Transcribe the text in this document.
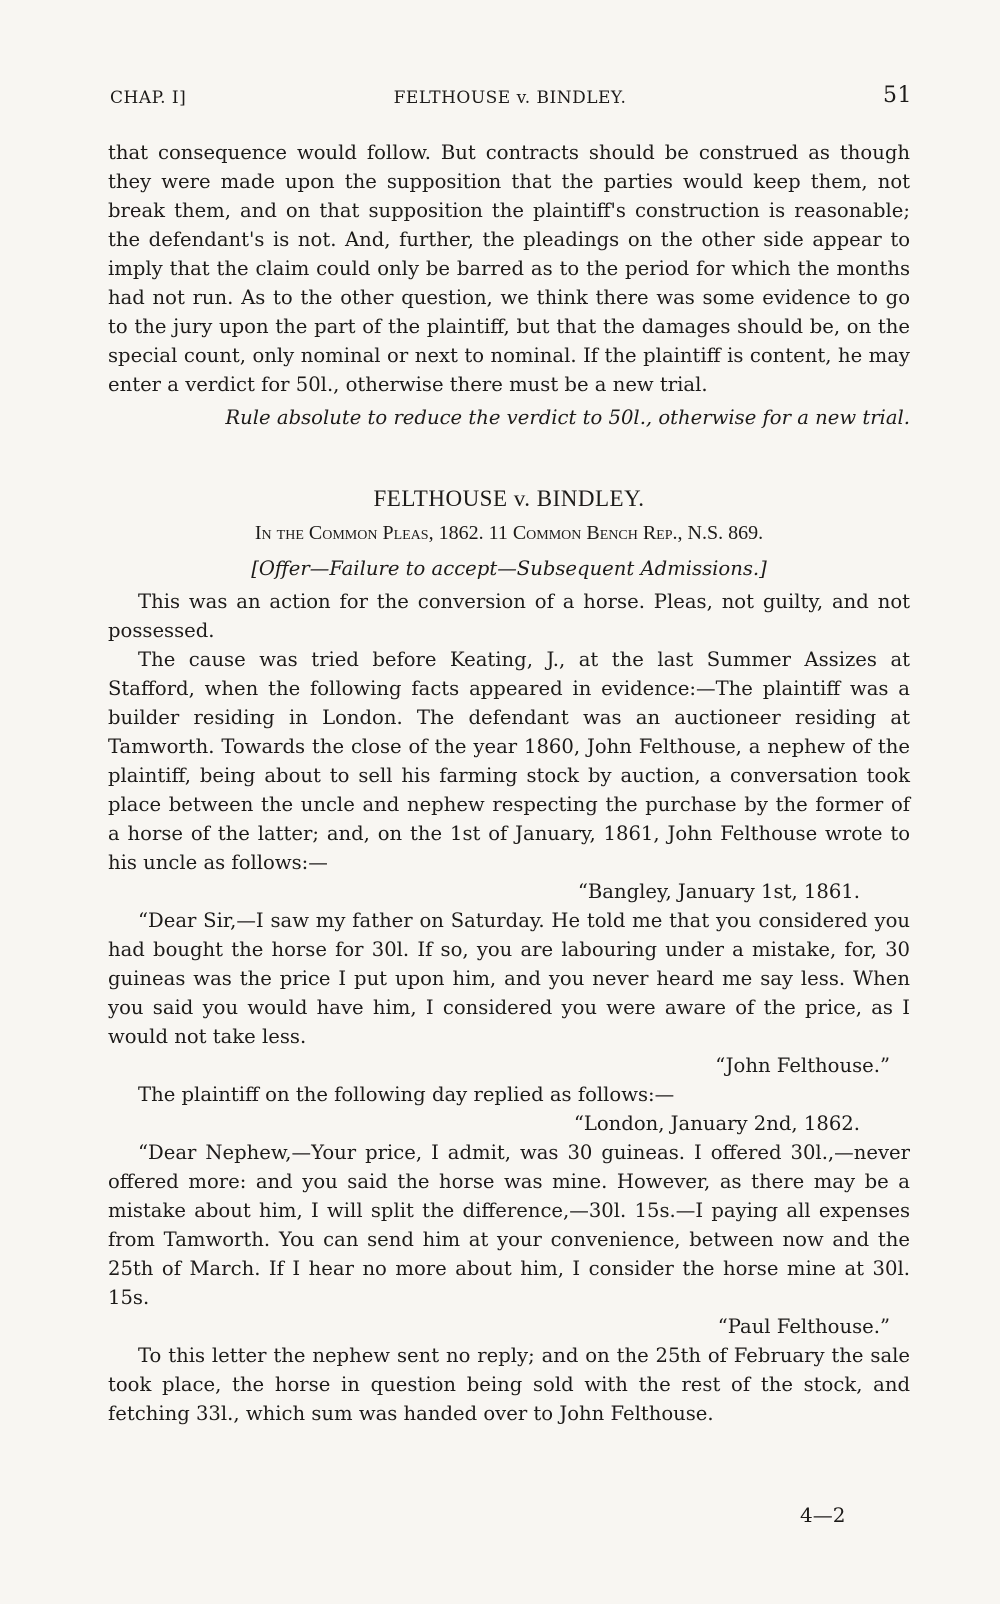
CHAP. I]	FELTHOUSE v. BINDLEY.	51

that consequence would follow. But contracts should be construed as though they were made upon the supposition that the parties would keep them, not break them, and on that supposition the plaintiff's construction is reasonable; the defendant's is not. And, further, the pleadings on the other side appear to imply that the claim could only be barred as to the period for which the months had not run. As to the other question, we think there was some evidence to go to the jury upon the part of the plaintiff, but that the damages should be, on the special count, only nominal or next to nominal. If the plaintiff is content, he may enter a verdict for 50l., otherwise there must be a new trial.

Rule absolute to reduce the verdict to 50l., otherwise for a new trial.

FELTHOUSE v. BINDLEY.
In the Common Pleas, 1862. 11 Common Bench Rep., N.S. 869.
[Offer—Failure to accept—Subsequent Admissions.]

This was an action for the conversion of a horse. Pleas, not guilty, and not possessed.

The cause was tried before Keating, J., at the last Summer Assizes at Stafford, when the following facts appeared in evidence:—The plaintiff was a builder residing in London. The defendant was an auctioneer residing at Tamworth. Towards the close of the year 1860, John Felthouse, a nephew of the plaintiff, being about to sell his farming stock by auction, a conversation took place between the uncle and nephew respecting the purchase by the former of a horse of the latter; and, on the 1st of January, 1861, John Felthouse wrote to his uncle as follows:—

“Bangley, January 1st, 1861.

“Dear Sir,—I saw my father on Saturday. He told me that you considered you had bought the horse for 30l. If so, you are labouring under a mistake, for, 30 guineas was the price I put upon him, and you never heard me say less. When you said you would have him, I considered you were aware of the price, as I would not take less.

“John Felthouse.”

The plaintiff on the following day replied as follows:—

“London, January 2nd, 1862.

“Dear Nephew,—Your price, I admit, was 30 guineas. I offered 30l.,—never offered more: and you said the horse was mine. However, as there may be a mistake about him, I will split the difference,—30l. 15s.—I paying all expenses from Tamworth. You can send him at your convenience, between now and the 25th of March. If I hear no more about him, I consider the horse mine at 30l. 15s.

“Paul Felthouse.”

To this letter the nephew sent no reply; and on the 25th of February the sale took place, the horse in question being sold with the rest of the stock, and fetching 33l., which sum was handed over to John Felthouse.

4—2
